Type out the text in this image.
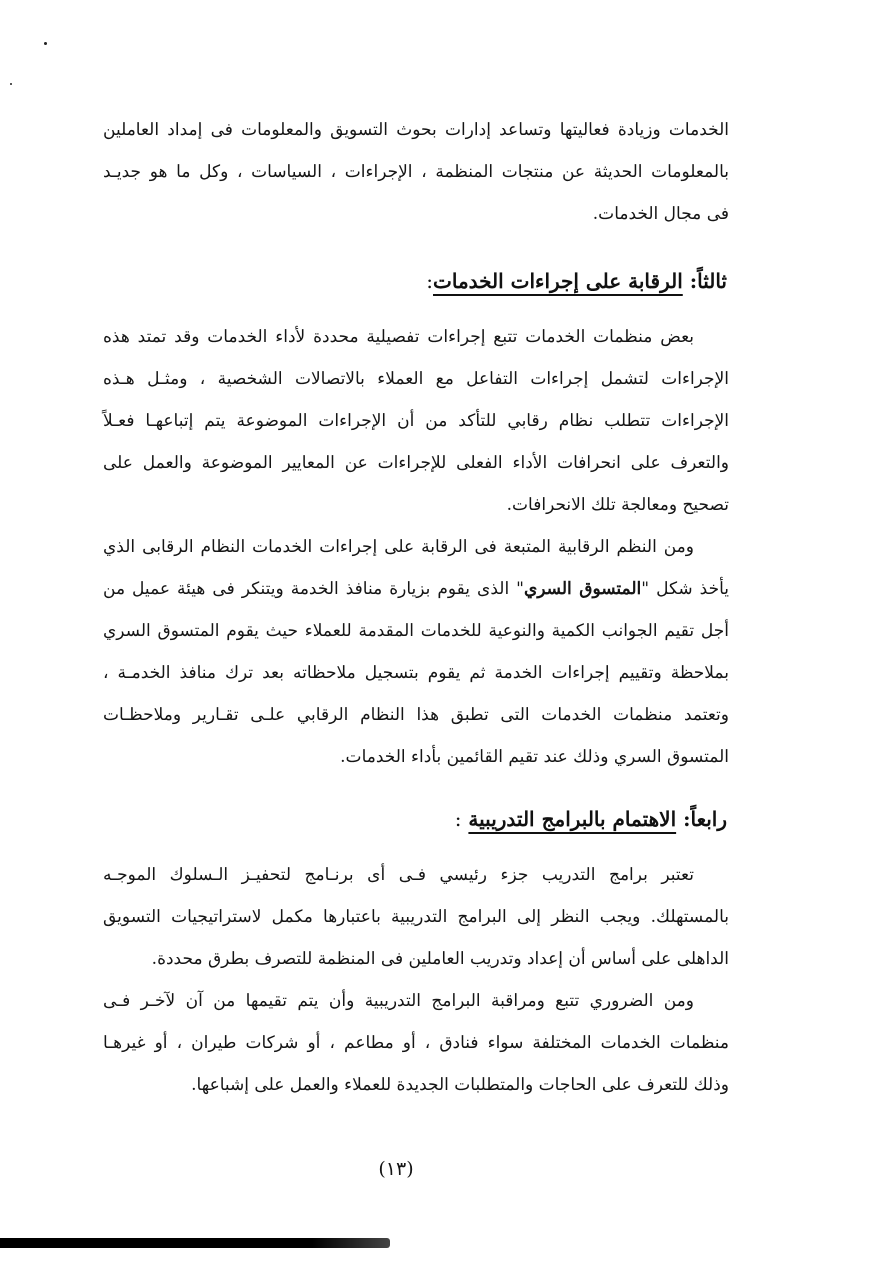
الخدمات وزيادة فعاليتها وتساعد إدارات بحوث التسويق والمعلومات فى إمداد العاملين
بالمعلومات الحديثة عن منتجات المنظمة ، الإجراءات ، السياسات ، وكل ما هو جديـد
فى مجال الخدمات.
ثالثاً: الرقابة على إجراءات الخدمات:
بعض منظمات الخدمات تتبع إجراءات تفصيلية محددة لأداء الخدمات وقد تمتد هذه
الإجراءات لتشمل إجراءات التفاعل مع العملاء بالاتصالات الشخصية ، ومثـل هـذه
الإجراءات تتطلب نظام رقابي للتأكد من أن الإجراءات الموضوعة يتم إتباعهـا فعـلاً
والتعرف على انحرافات الأداء الفعلى للإجراءات عن المعايير الموضوعة والعمل على
تصحيح ومعالجة تلك الانحرافات.
ومن النظم الرقابية المتبعة فى الرقابة على إجراءات الخدمات النظام الرقابى الذي
يأخذ شكل "المتسوق السري" الذى يقوم بزيارة منافذ الخدمة ويتنكر فى هيئة عميل من
أجل تقيم الجوانب الكمية والنوعية للخدمات المقدمة للعملاء حيث يقوم المتسوق السري
بملاحظة وتقييم إجراءات الخدمة ثم يقوم بتسجيل ملاحظاته بعد ترك منافذ الخدمـة ،
وتعتمد منظمات الخدمات التى تطبق هذا النظام الرقابي علـى تقـارير وملاحظـات
المتسوق السري وذلك عند تقيم القائمين بأداء الخدمات.
رابعاً: الاهتمام بالبرامج التدريبية :
تعتبر برامج التدريب جزء رئيسي فـى أى برنـامج لتحفيـز الـسلوك الموجـه
بالمستهلك. ويجب النظر إلى البرامج التدريبية باعتبارها مكمل لاستراتيجيات التسويق
الداهلى على أساس أن إعداد وتدريب العاملين فى المنظمة للتصرف بطرق محددة.
ومن الضروري تتبع ومراقبة البرامج التدريبية وأن يتم تقيمها من آن لآخـر فـى
منظمات الخدمات المختلفة سواء فنادق ، أو مطاعم ، أو شركات طيران ، أو غيرهـا
وذلك للتعرف على الحاجات والمتطلبات الجديدة للعملاء والعمل على إشباعها.
(١٣)
